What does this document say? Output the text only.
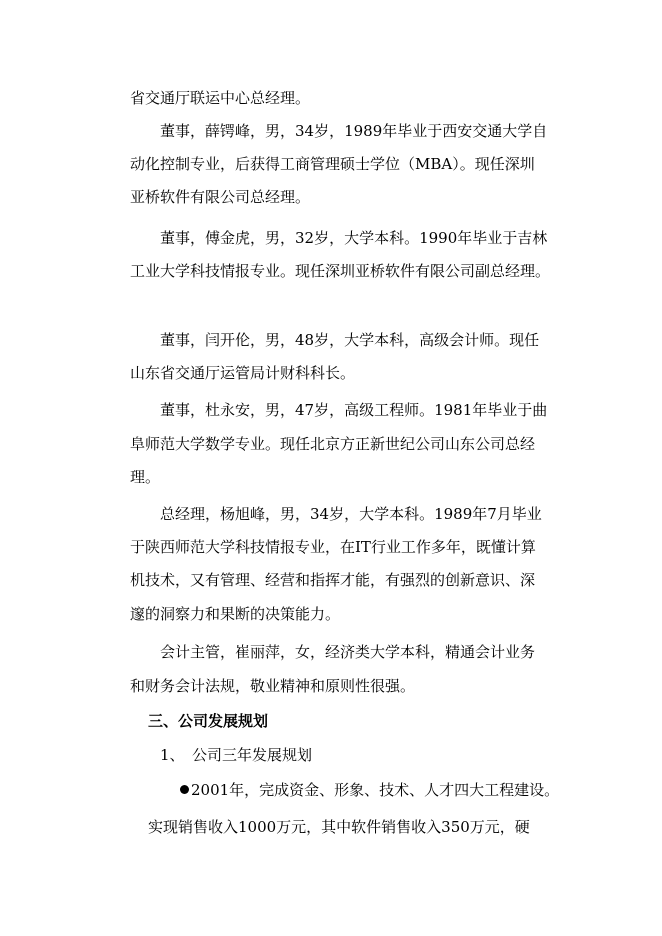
省交通厅联运中心总经理。
董事，薛锷峰，男，34岁，1989年毕业于西安交通大学自
动化控制专业，后获得工商管理硕士学位（MBA）。现任深圳
亚桥软件有限公司总经理。
董事，傅金虎，男，32岁，大学本科。1990年毕业于吉林
工业大学科技情报专业。现任深圳亚桥软件有限公司副总经理。
董事，闫开伦，男，48岁，大学本科，高级会计师。现任
山东省交通厅运管局计财科科长。
董事，杜永安，男，47岁，高级工程师。1981年毕业于曲
阜师范大学数学专业。现任北京方正新世纪公司山东公司总经
理。
总经理，杨旭峰，男，34岁，大学本科。1989年7月毕业
于陕西师范大学科技情报专业，在IT行业工作多年，既懂计算
机技术，又有管理、经营和指挥才能，有强烈的创新意识、深
邃的洞察力和果断的决策能力。
会计主管，崔丽萍，女，经济类大学本科，精通会计业务
和财务会计法规，敬业精神和原则性很强。
三、公司发展规划
1、　公司三年发展规划
2001年，完成资金、形象、技术、人才四大工程建设。
实现销售收入1000万元，其中软件销售收入350万元，硬
